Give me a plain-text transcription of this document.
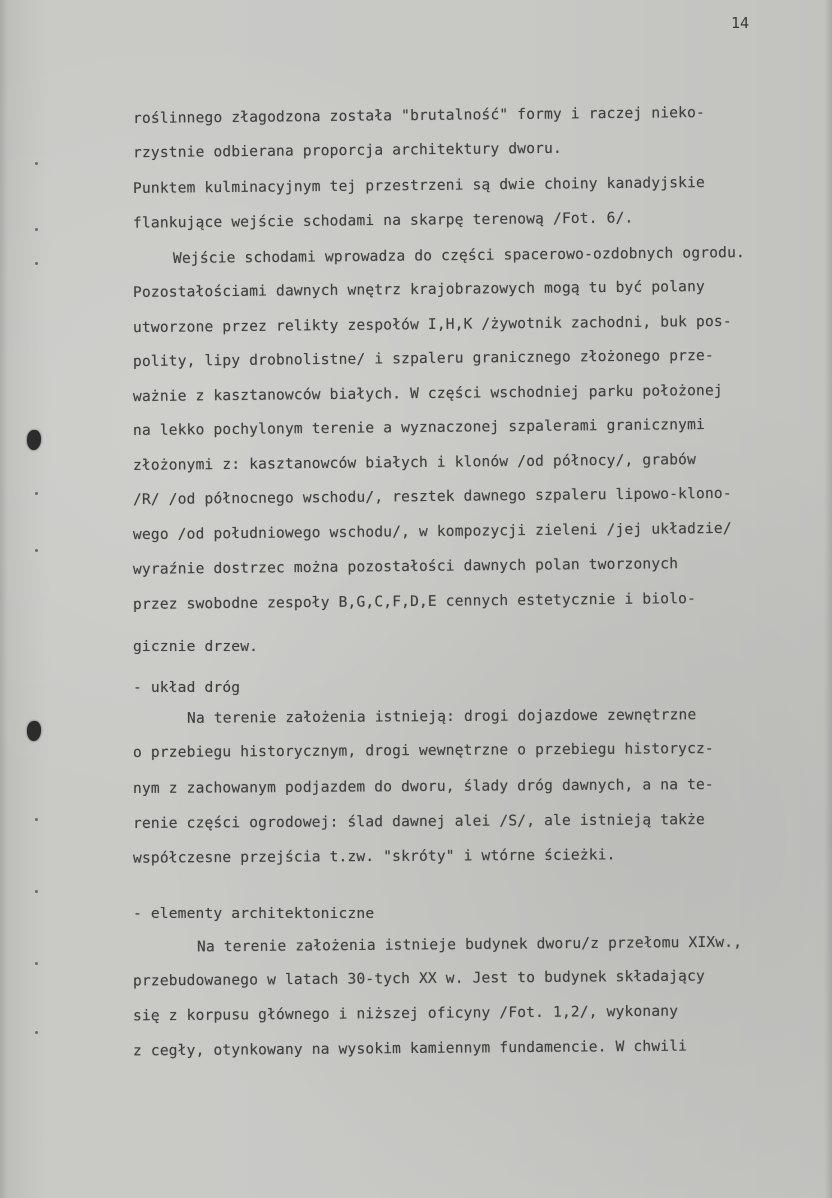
14
roślinnego złagodzona została "brutalność" formy i raczej nieko-
rzystnie odbierana proporcja architektury dworu.
Punktem kulminacyjnym tej przestrzeni są dwie choiny kanadyjskie
flankujące wejście schodami na skarpę terenową /Fot. 6/.
Wejście schodami wprowadza do części spacerowo-ozdobnych ogrodu.
Pozostałościami dawnych wnętrz krajobrazowych mogą tu być polany
utworzone przez relikty zespołów I,H,K /żywotnik zachodni, buk pos-
polity, lipy drobnolistne/ i szpaleru granicznego złożonego prze-
ważnie z kasztanowców białych. W części wschodniej parku położonej
na lekko pochylonym terenie a wyznaczonej szpalerami granicznymi
złożonymi z: kasztanowców białych i klonów /od północy/, grabów
/R/ /od północnego wschodu/, resztek dawnego szpaleru lipowo-klono-
wego /od południowego wschodu/, w kompozycji zieleni /jej układzie/
wyraźnie dostrzec można pozostałości dawnych polan tworzonych
przez swobodne zespoły B,G,C,F,D,E cennych estetycznie i biolo-
gicznie drzew.
- układ dróg
Na terenie założenia istnieją: drogi dojazdowe zewnętrzne
o przebiegu historycznym, drogi wewnętrzne o przebiegu historycz-
nym z zachowanym podjazdem do dworu, ślady dróg dawnych, a na te-
renie części ogrodowej: ślad dawnej alei /S/, ale istnieją także
współczesne przejścia t.zw. "skróty" i wtórne ścieżki.
- elementy architektoniczne
Na terenie założenia istnieje budynek dworu/z przełomu XIXw.,
przebudowanego w latach 30-tych XX w. Jest to budynek składający
się z korpusu głównego i niższej oficyny /Fot. 1,2/, wykonany
z cegły, otynkowany na wysokim kamiennym fundamencie. W chwili
